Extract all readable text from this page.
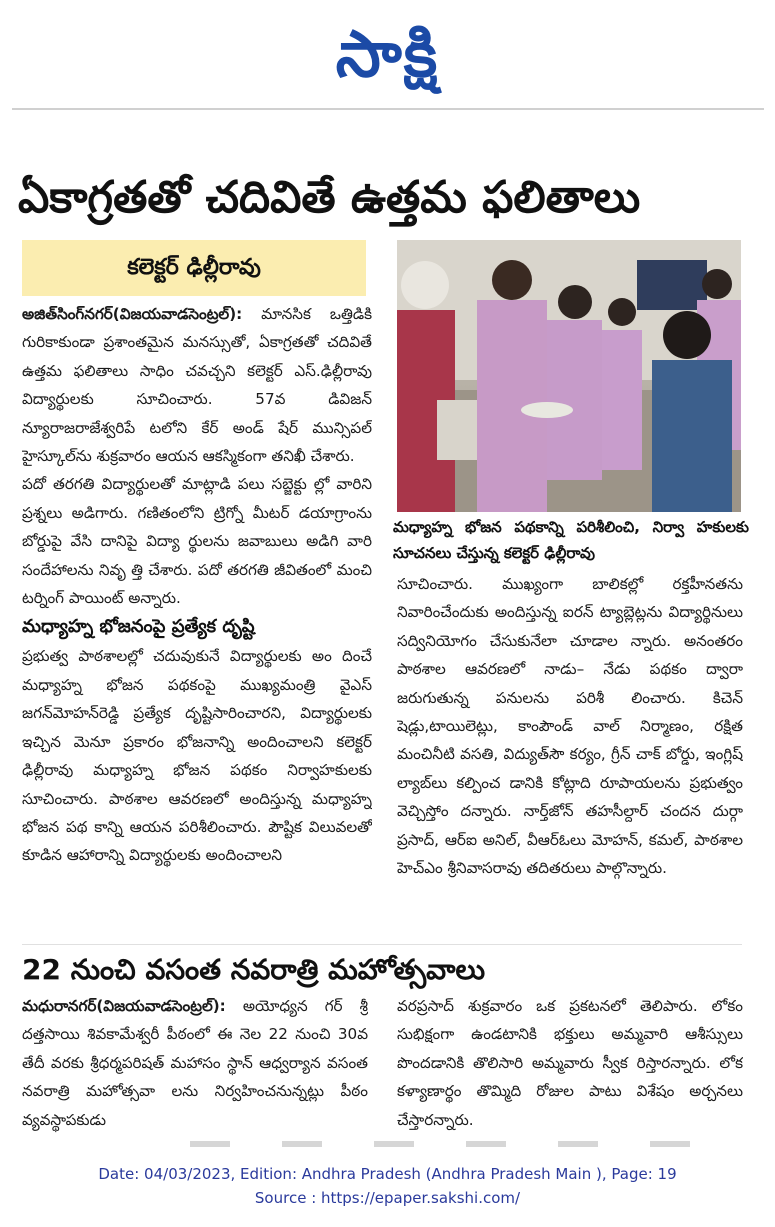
సాక్షి
ఏకాగ్రతతో చదివితే ఉత్తమ ఫలితాలు
కలెక్టర్ ఢిల్లీరావు

అజిత్‌సింగ్‌నగర్(విజయవాడసెంట్రల్): మానసిక ఒత్తిడికి గురికాకుండా ప్రశాంతమైన మనస్సుతో, ఏకాగ్రతతో చదివితే ఉత్తమ ఫలితాలు సాధిం చవచ్చని కలెక్టర్ ఎస్.ఢిల్లీరావు విద్యార్థులకు సూచించారు. 57వ డివిజన్ న్యూరాజరాజేశ్వరిపే టలోని కేర్ అండ్ షేర్ మున్సిపల్ హైస్కూల్‌ను శుక్రవారం ఆయన ఆకస్మికంగా తనిఖీ చేశారు.

పదో తరగతి విద్యార్థులతో మాట్లాడి పలు సబ్జెక్టు ల్లో వారిని ప్రశ్నలు అడిగారు. గణితంలోని ట్రిగ్నో మీటర్ డయాగ్రాంను బోర్డుపై వేసి దానిపై విద్యా ర్థులను జవాబులు అడిగి వారి సందేహాలను నివృ త్తి చేశారు. పదో తరగతి జీవితంలో మంచి టర్నింగ్ పాయింట్ అన్నారు.

మధ్యాహ్న భోజనంపై ప్రత్యేక దృష్టి

ప్రభుత్వ పాఠశాలల్లో చదువుకునే విద్యార్థులకు అం దించే మధ్యాహ్న భోజన పథకంపై ముఖ్యమంత్రి వైఎస్ జగన్‌మోహన్‌రెడ్డి ప్రత్యేక దృష్టిసారించారని, విద్యార్థులకు ఇచ్చిన మెనూ ప్రకారం భోజనాన్ని అందించాలని కలెక్టర్ ఢిల్లీరావు మధ్యాహ్న భోజన పథకం నిర్వాహకులకు సూచించారు. పాఠశాల ఆవరణలో అందిస్తున్న మధ్యాహ్న భోజన పథ కాన్ని ఆయన పరిశీలించారు. పౌష్టిక విలువలతో కూడిన ఆహారాన్ని విద్యార్థులకు అందించాలని

మధ్యాహ్న భోజన పథకాన్ని పరిశీలించి, నిర్వా హకులకు సూచనలు చేస్తున్న కలెక్టర్ ఢిల్లీరావు

సూచించారు. ముఖ్యంగా బాలికల్లో రక్తహీనతను నివారించేందుకు అందిస్తున్న ఐరన్ ట్యాబ్లెట్లను విద్యార్థినులు సద్వినియోగం చేసుకునేలా చూడాల న్నారు. అనంతరం పాఠశాల ఆవరణలో నాడు– నేడు పథకం ద్వారా జరుగుతున్న పనులను పరిశీ లించారు. కిచెన్ షెడ్లు,టాయిలెట్లు, కాంపౌండ్ వాల్ నిర్మాణం, రక్షిత మంచినీటి వసతి, విద్యుత్‌సౌ కర్యం, గ్రీన్ చాక్ బోర్డు, ఇంగ్లిష్ ల్యాబ్‌లు కల్పించ డానికి కోట్లాది రూపాయలను ప్రభుత్వం వెచ్చిస్తోం దన్నారు. నార్త్‌జోన్ తహసీల్దార్ చందన దుర్గా ప్రసాద్, ఆర్ఐ అనిల్, వీఆర్ఓలు మోహన్, కమల్, పాఠశాల హెచ్ఎం శ్రీనివాసరావు తదితరులు పాల్గొన్నారు.

22 నుంచి వసంత నవరాత్రి మహోత్సవాలు

మధురానగర్(విజయవాడసెంట్రల్): అయోధ్యన గర్ శ్రీ దత్తసాయి శివకామేశ్వరీ పీఠంలో ఈ నెల 22 నుంచి 30వ తేదీ వరకు శ్రీధర్మపరిషత్ మహాసం స్థాన్ ఆధ్వర్యాన వసంత నవరాత్రి మహోత్సవా లను నిర్వహించనున్నట్లు పీఠం వ్యవస్థాపకుడు

వరప్రసాద్ శుక్రవారం ఒక ప్రకటనలో తెలిపారు. లోకం సుభిక్షంగా ఉండటానికి భక్తులు అమ్మవారి ఆశీస్సులు పొందడానికి తొలిసారి అమ్మవారు స్వీక రిస్తారన్నారు. లోక కళ్యాణార్థం తొమ్మిది రోజుల పాటు విశేషం అర్చనలు చేస్తారన్నారు.

Date: 04/03/2023, Edition: Andhra Pradesh (Andhra Pradesh Main ), Page: 19
Source : https://epaper.sakshi.com/
